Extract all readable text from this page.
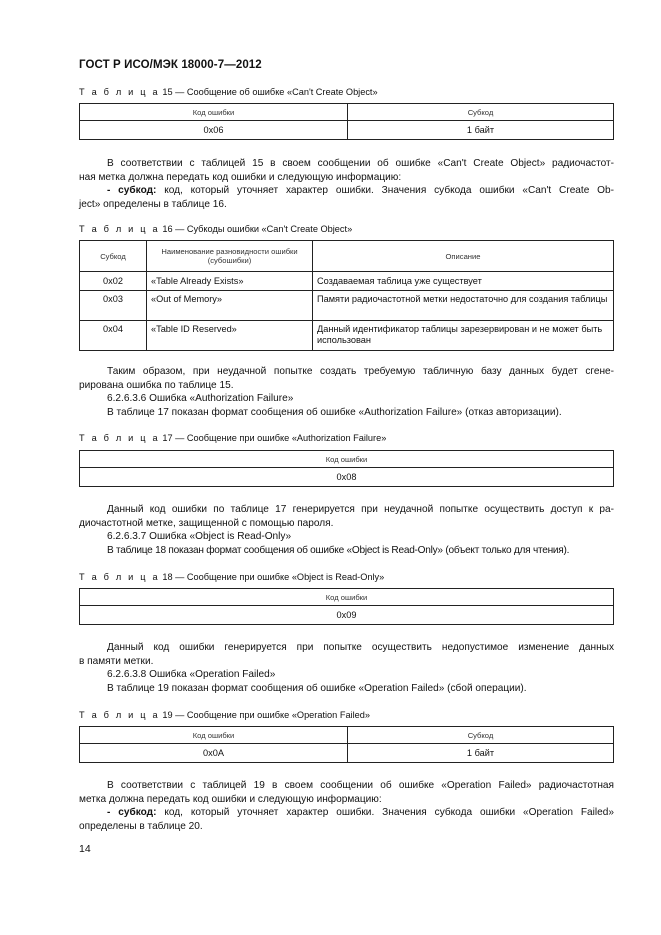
ГОСТ Р ИСО/МЭК 18000-7—2012
Т а б л и ц а 15 — Сообщение об ошибке «Can't Create Object»
Код ошибки	Субкод
0x06	1 байт

В соответствии с таблицей 15 в своем сообщении об ошибке «Can't Create Object» радиочастот-

ная метка должна передать код ошибки и следующую информацию:

- субкод: код, который уточняет характер ошибки. Значения субкода ошибки «Can't Create Ob-

ject» определены в таблице 16.

Т а б л и ц а 16 — Субкоды ошибки «Can't Create Object»
Субкод	Наименование разновидности ошибки (субошибки)	Описание
0x02	«Table Already Exists»	Создаваемая таблица уже существует
0x03	«Out of Memory»	Памяти радиочастотной метки недостаточно для создания таблицы
0x04	«Table ID Reserved»	Данный идентификатор таблицы зарезервирован и не может быть использован

Таким образом, при неудачной попытке создать требуемую табличную базу данных будет сгене-

рирована ошибка по таблице 15.

6.2.6.3.6 Ошибка «Authorization Failure»

В таблице 17 показан формат сообщения об ошибке «Authorization Failure» (отказ авторизации).

Т а б л и ц а 17 — Сообщение при ошибке «Authorization Failure»
Код ошибки
0x08

Данный код ошибки по таблице 17 генерируется при неудачной попытке осуществить доступ к ра-

диочастотной метке, защищенной с помощью пароля.

6.2.6.3.7 Ошибка «Object is Read-Only»

В таблице 18 показан формат сообщения об ошибке «Object is Read-Only» (объект только для чтения).

Т а б л и ц а 18 — Сообщение при ошибке «Object is Read-Only»
Код ошибки
0x09

Данный код ошибки генерируется при попытке осуществить недопустимое изменение данных

в памяти метки.

6.2.6.3.8 Ошибка «Operation Failed»

В таблице 19 показан формат сообщения об ошибке «Operation Failed» (сбой операции).

Т а б л и ц а 19 — Сообщение при ошибке «Operation Failed»
Код ошибки	Субкод
0x0A	1 байт

В соответствии с таблицей 19 в своем сообщении об ошибке «Operation Failed» радиочастотная

метка должна передать код ошибки и следующую информацию:

- субкод: код, который уточняет характер ошибки. Значения субкода ошибки «Operation Failed»

определены в таблице 20.

14
